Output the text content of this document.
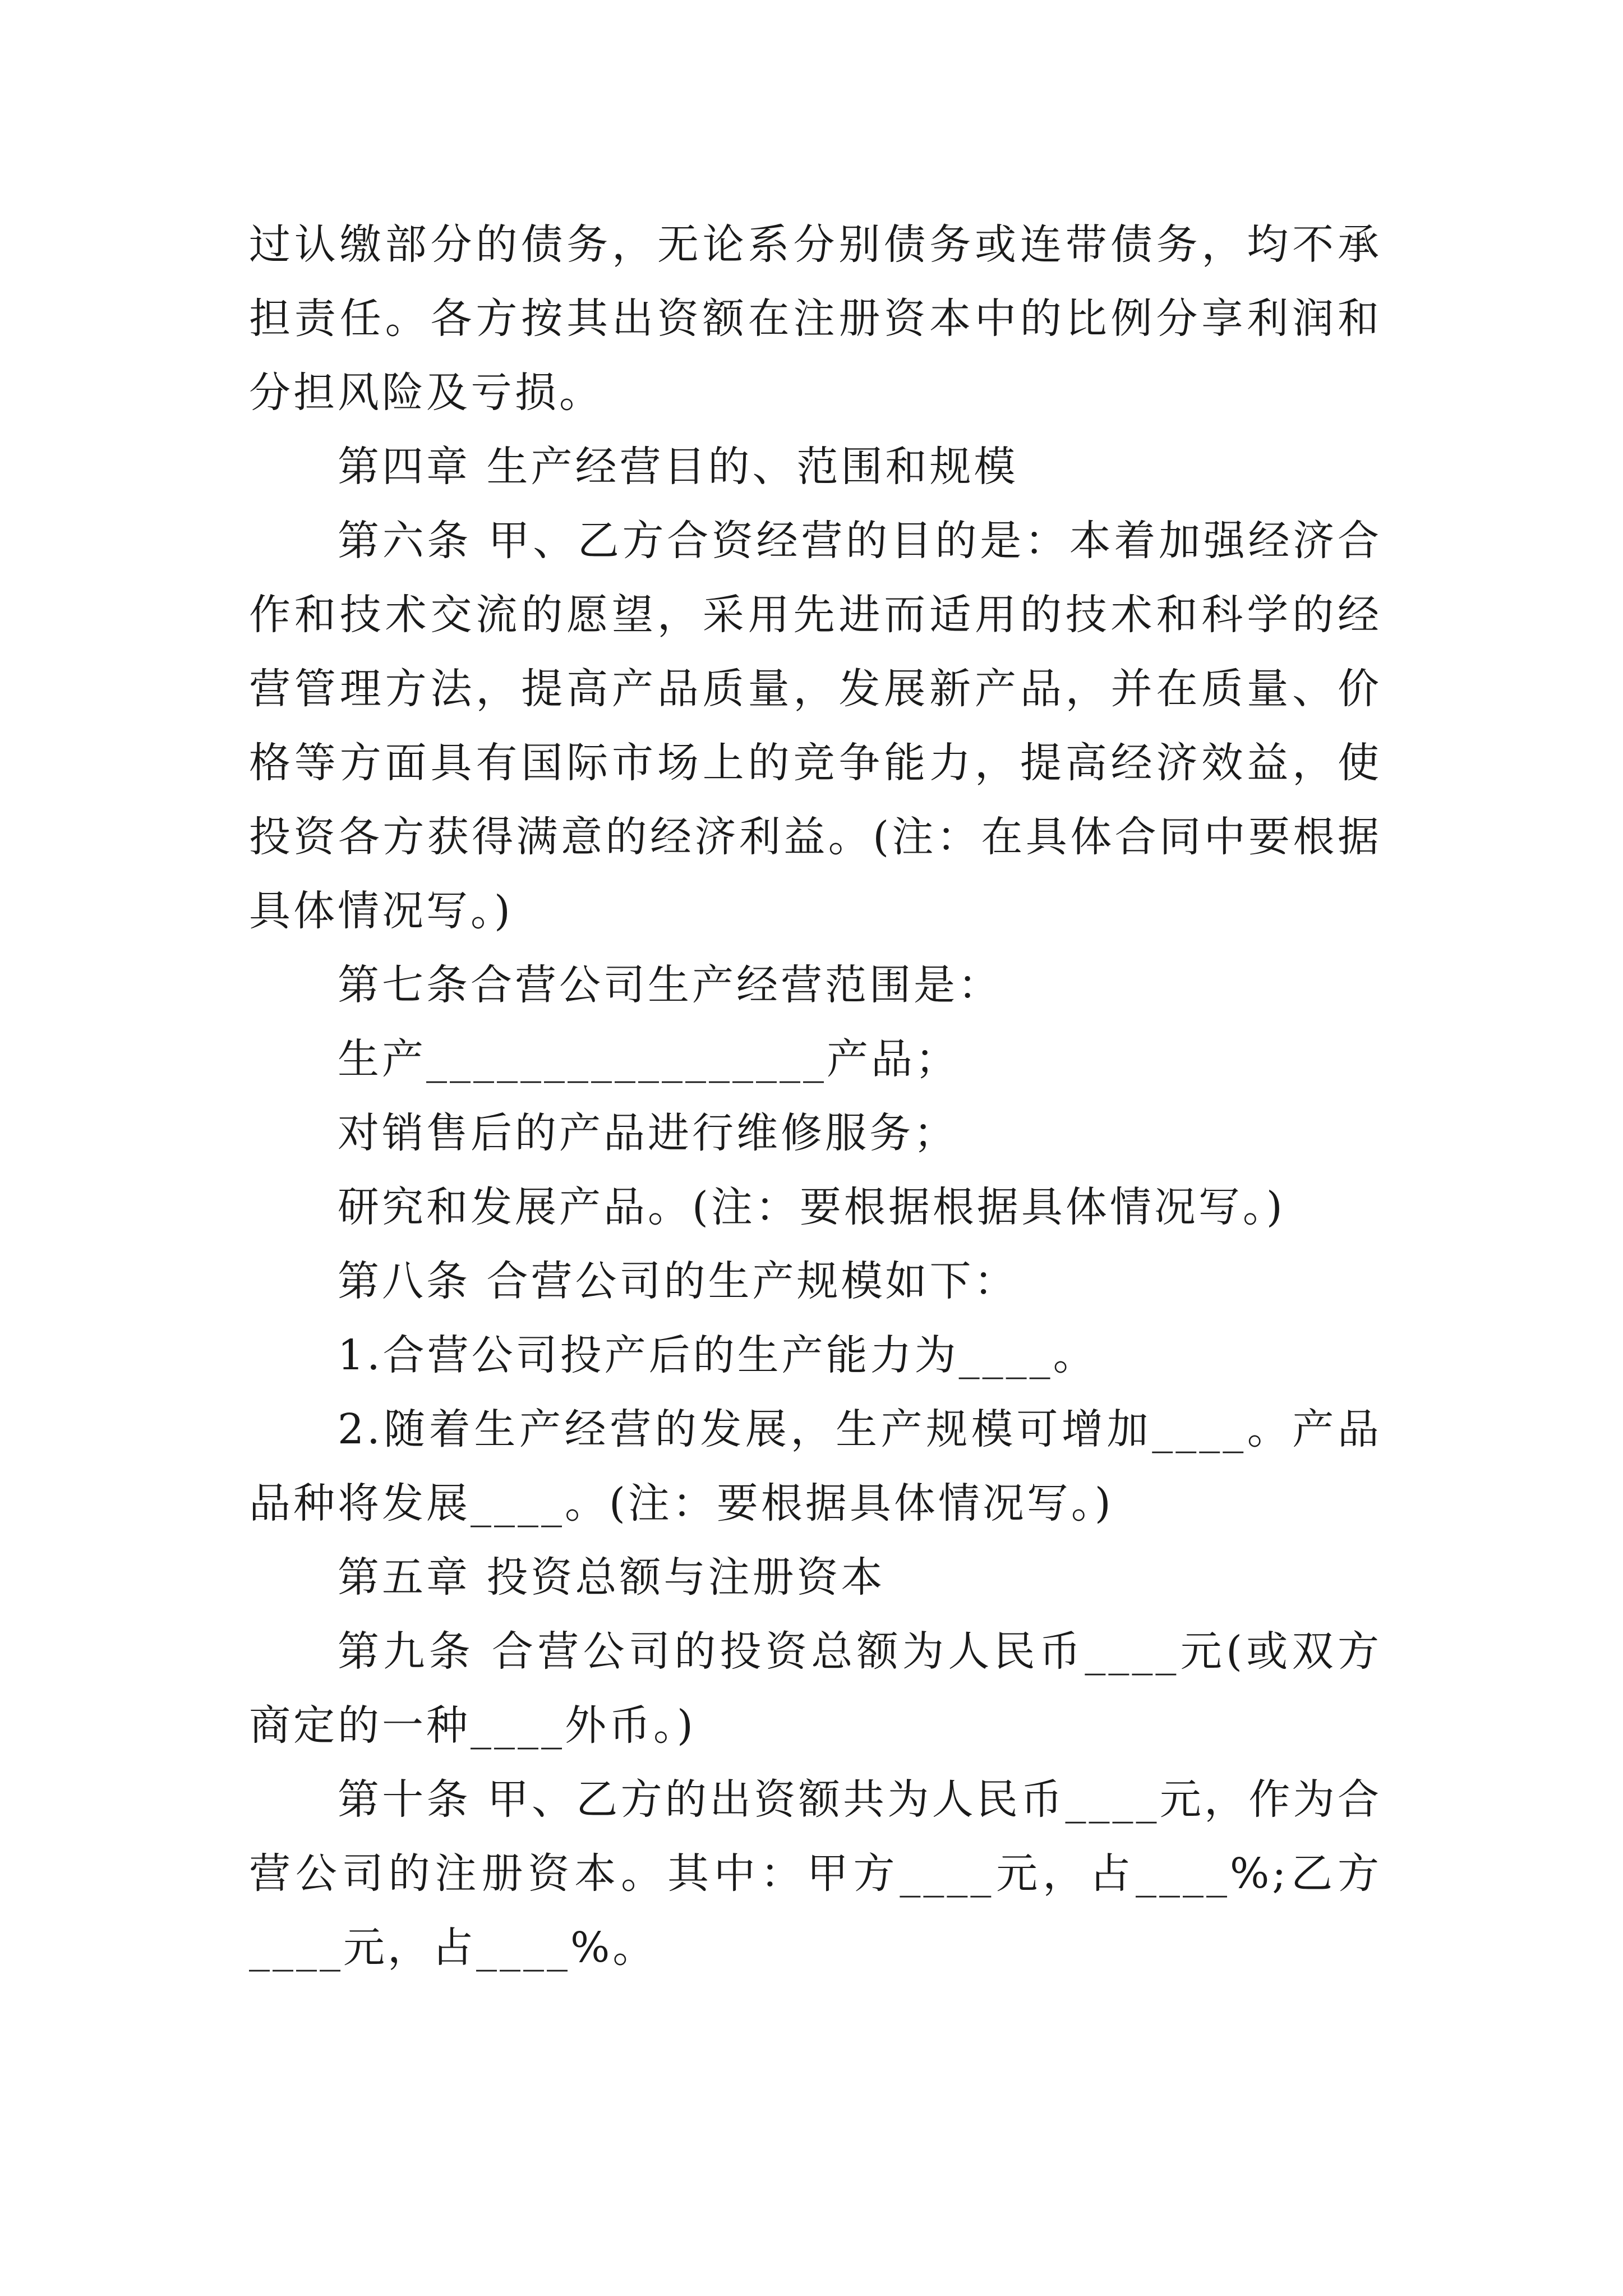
过认缴部分的债务，无论系分别债务或连带债务，均不承担责任。各方按其出资额在注册资本中的比例分享利润和分担风险及亏损。

第四章 生产经营目的、范围和规模

第六条 甲、乙方合资经营的目的是：本着加强经济合作和技术交流的愿望，采用先进而适用的技术和科学的经营管理方法，提高产品质量，发展新产品，并在质量、价格等方面具有国际市场上的竞争能力，提高经济效益，使投资各方获得满意的经济利益。(注：在具体合同中要根据具体情况写。)

第七条合营公司生产经营范围是：

生产_________________产品；

对销售后的产品进行维修服务；

研究和发展产品。(注：要根据根据具体情况写。)

第八条 合营公司的生产规模如下：

1.合营公司投产后的生产能力为____。

2.随着生产经营的发展，生产规模可增加____。产品品种将发展____。(注：要根据具体情况写。)

第五章 投资总额与注册资本

第九条 合营公司的投资总额为人民币____元(或双方商定的一种____外币。)

第十条 甲、乙方的出资额共为人民币____元，作为合营公司的注册资本。其中：甲方____元，占____%;乙方____元，占____%。
